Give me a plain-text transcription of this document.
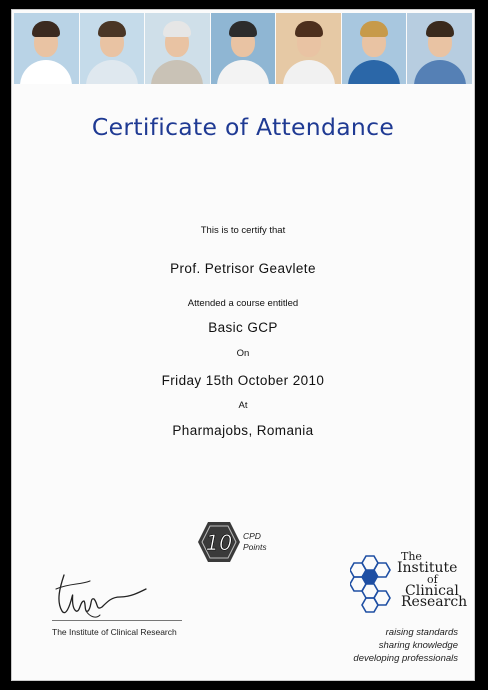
Certificate of Attendance
This is to certify that
Prof. Petrisor Geavlete
Attended a course entitled
Basic GCP
On
Friday 15th October 2010
At
Pharmajobs, Romania
10 CPD
Points
The Institute of Clinical Research
The
Institute
of
Clinical
Research
raising standards
sharing knowledge
developing professionals
